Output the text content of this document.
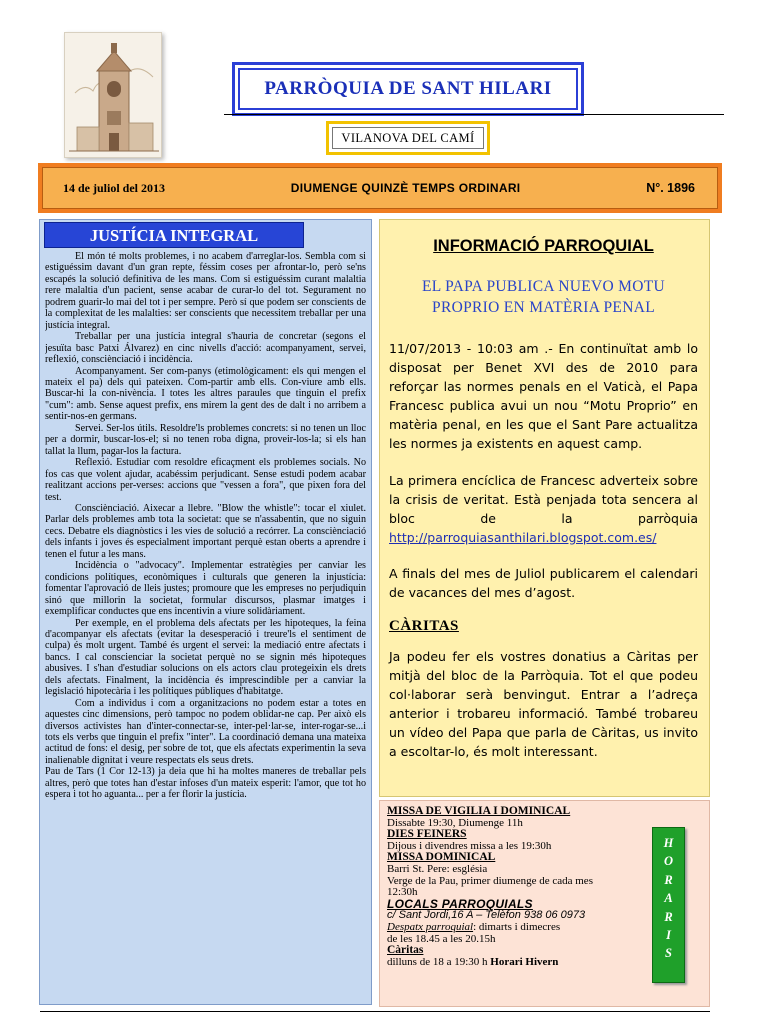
PARRÒQUIA DE SANT HILARI
VILANOVA DEL CAMÍ
14 de juliol del 2013	DIUMENGE QUINZÈ TEMPS ORDINARI	N°. 1896
JUSTÍCIA INTEGRAL

El món té molts problemes, i no acabem d'arreglar-los. Sembla com si estiguéssim davant d'un gran repte, féssim coses per afrontar-lo, però se'ns escapés la solució definitiva de les mans. Com si estiguéssim curant malaltia rere malaltia d'un pacient, sense acabar de curar-lo del tot. Segurament no podrem guarir-lo mai del tot i per sempre. Però sí que podem ser conscients de la complexitat de les malalties: ser conscients que necessitem treballar per una justícia integral.

Treballar per una justícia integral s'hauria de concretar (segons el jesuïta basc Patxi Álvarez) en cinc nivells d'acció: acompanyament, servei, reflexió, consciènciació i incidència.

Acompanyament. Ser com-panys (etimològicament: els qui mengen el mateix el pa) dels qui pateixen. Com-partir amb ells. Con-viure amb ells. Buscar-hi la con-nivència. I totes les altres paraules que tinguin el prefix "cum": amb. Sense aquest prefix, ens mirem la gent des de dalt i no arribem a sentir-nos-en germans.

Servei. Ser-los útils. Resoldre'ls problemes concrets: si no tenen un lloc per a dormir, buscar-los-el; si no tenen roba digna, proveir-los-la; si els han tallat la llum, pagar-los la factura.

Reflexió. Estudiar com resoldre eficaçment els problemes socials. No fos cas que volent ajudar, acabéssim perjudicant. Sense estudi podem acabar realitzant accions per-verses: accions que "vessen a fora", que pixen fora del test.

Consciènciació. Aixecar a llebre. "Blow the whistle": tocar el xiulet. Parlar dels problemes amb tota la societat: que se n'assabentin, que no siguin cecs. Debatre els diagnòstics i les vies de solució a recórrer. La consciènciació dels infants i joves és especialment important perquè estan oberts a aprendre i tenen el futur a les mans.

Incidència o "advocacy". Implementar estratègies per canviar les condicions polítiques, econòmiques i culturals que generen la injustícia: fomentar l'aprovació de lleis justes; promoure que les empreses no perjudiquin sinó que millorin la societat, formular discursos, plasmar imatges i exemplificar conductes que ens incentivin a viure solidàriament.

Per exemple, en el problema dels afectats per les hipoteques, la feina d'acompanyar els afectats (evitar la desesperació i treure'ls el sentiment de culpa) és molt urgent. També és urgent el servei: la mediació entre afectats i bancs. I cal conscienciar la societat perquè no se signin més hipoteques abusives. I s'han d'estudiar solucions on els actors clau protegeixin els drets dels afectats. Finalment, la incidència és imprescindible per a canviar la legislació hipotecària i les polítiques públiques d'habitatge.

Com a individus i com a organitzacions no podem estar a totes en aquestes cinc dimensions, però tampoc no podem oblidar-ne cap. Per això els diversos activistes han d'inter-connectar-se, inter-pel·lar-se, inter-rogar-se...i tots els verbs que tinguin el prefix "inter". La coordinació demana una mateixa actitud de fons: el desig, per sobre de tot, que els afectats experimentin la seva inalienable dignitat i veure respectats els seus drets.

Pau de Tars (1 Cor 12-13) ja deia que hi ha moltes maneres de treballar pels altres, però que totes han d'estar infoses d'un mateix esperit: l'amor, que tot ho espera i tot ho aguanta... per a fer florir la justícia.

INFORMACIÓ PARROQUIAL
EL PAPA PUBLICA NUEVO MOTU PROPRIO EN MATÈRIA PENAL

11/07/2013 - 10:03 am .- En continuïtat amb lo disposat per Benet XVI des de 2010 para reforçar las normes penals en el Vaticà, el Papa Francesc publica avui un nou “Motu Proprio” en matèria penal, en les que el Sant Pare actualitza les normes ja existents en aquest camp.

La primera encíclica de Francesc adverteix sobre la crisis de veritat. Està penjada tota sencera al bloc de la parròquia http://parroquiasanthilari.blogspot.com.es/

A finals del mes de Juliol publicarem el calendari de vacances del mes d’agost.

CÀRITAS

Ja podeu fer els vostres donatius a Càritas per mitjà del bloc de la Parròquia. Tot el que podeu col·laborar serà benvingut. Entrar a l’adreça anterior i trobareu informació. També trobareu un vídeo del Papa que parla de Càritas, us invito a escoltar-lo, és molt interessant.

MISSA DE VIGILIA I DOMINICAL
Dissabte 19:30, Diumenge 11h
DIES FEINERS
Dijous i divendres missa a les 19:30h
MISSA DOMINICAL
Barri St. Pere: església
Verge de la Pau, primer diumenge de cada mes
12:30h
LOCALS PARROQUIALS
c/ Sant Jordi,16 A – Telèfon 938 06 0973
Despatx parroquial: dimarts i dimecres
de les 18.45 a les 20.15h
Càritas
dilluns de 18 a 19:30 h Horari Hivern
H
O
R
A
R
I
S
